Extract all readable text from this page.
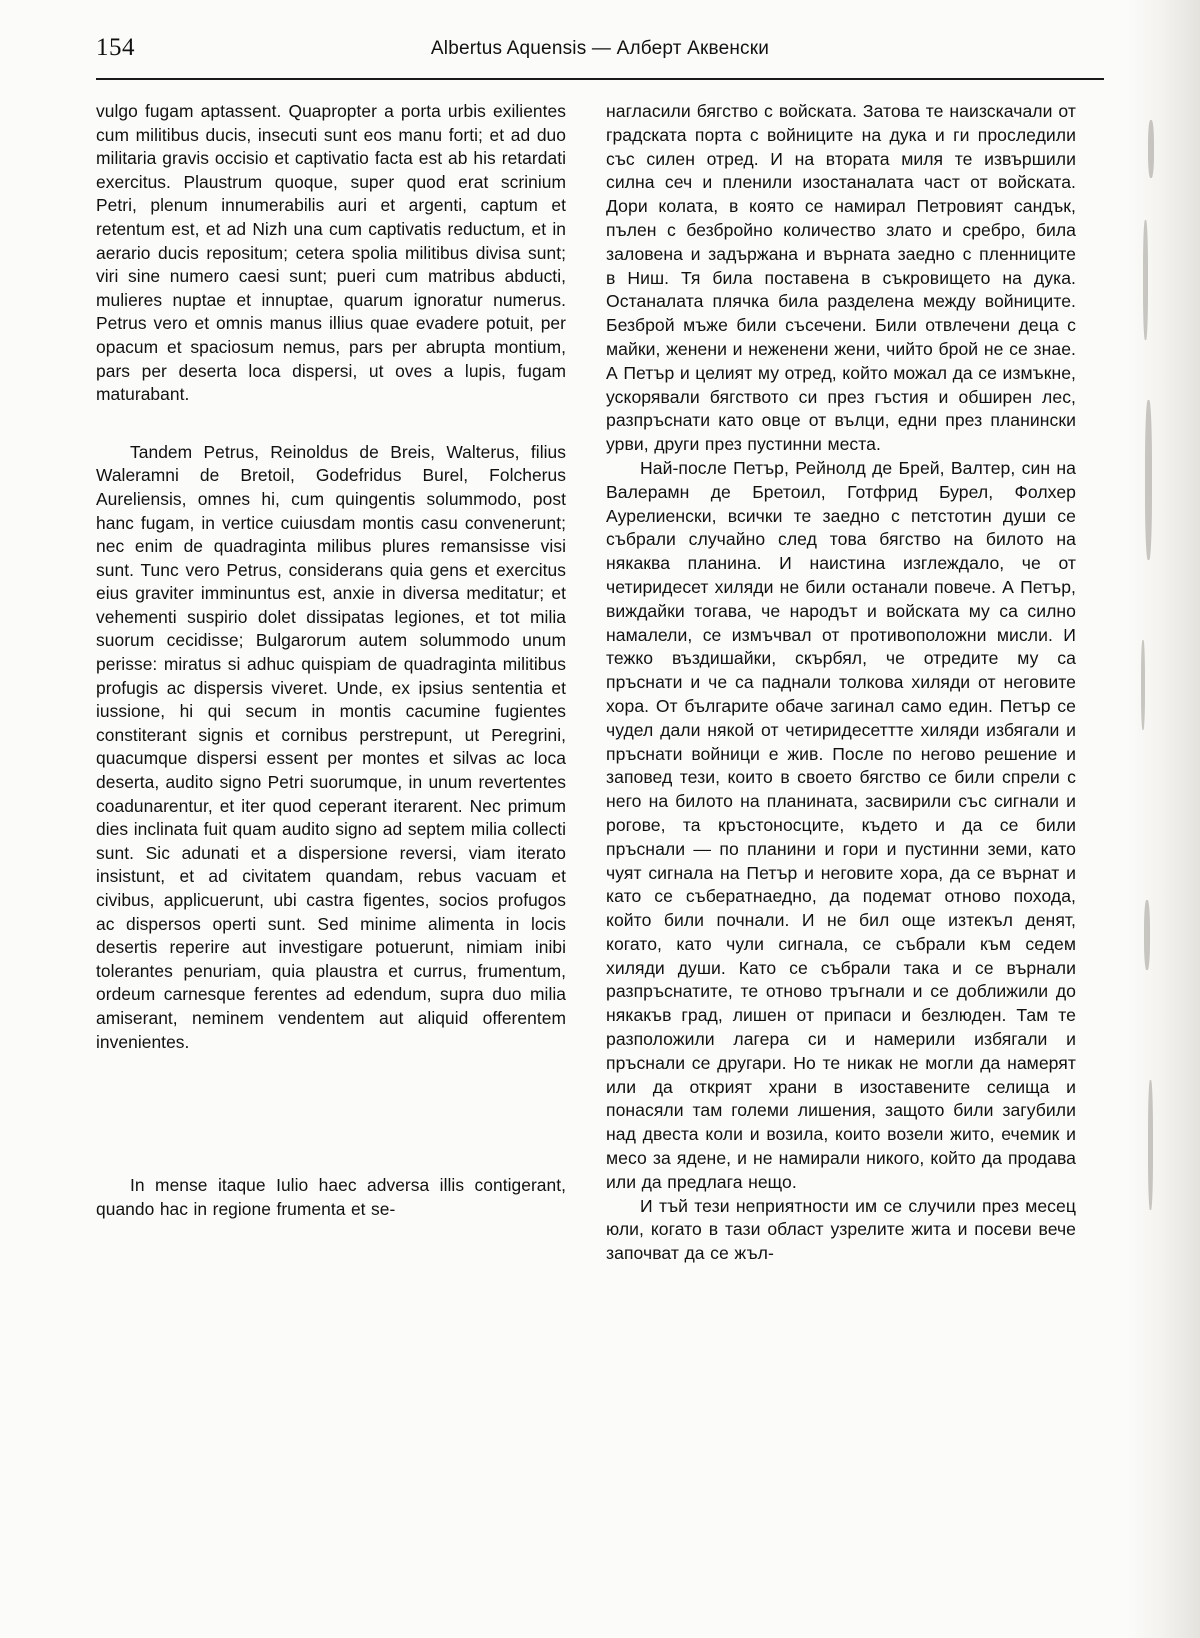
154	Albertus Aquensis — Алберт Аквенски

vulgo fugam aptassent. Quapropter a porta urbis exilientes cum militibus ducis, insecuti sunt eos manu forti; et ad duo militaria gravis occisio et captivatio facta est ab his retardati exercitus. Plaustrum quoque, super quod erat scrinium Petri, plenum innumerabilis auri et argenti, captum et retentum est, et ad Nizh una cum captivatis reductum, et in aerario ducis repositum; cetera spolia militibus divisa sunt; viri sine numero caesi sunt; pueri cum matribus abducti, mulieres nuptae et innuptae, quarum ignoratur numerus. Petrus vero et omnis manus illius quae evadere potuit, per opacum et spaciosum nemus, pars per abrupta montium, pars per deserta loca dispersi, ut oves a lupis, fugam maturabant.

Tandem Petrus, Reinoldus de Breis, Walterus, filius Waleramni de Bretoil, Godefridus Burel, Folcherus Aureliensis, omnes hi, cum quingentis solummodo, post hanc fugam, in vertice cuiusdam montis casu convenerunt; nec enim de quadraginta milibus plures remansisse visi sunt. Tunc vero Petrus, considerans quia gens et exercitus eius graviter imminuntus est, anxie in diversa meditatur; et vehementi suspirio dolet dissipatas legiones, et tot milia suorum cecidisse; Bulgarorum autem solummodo unum perisse: miratus si adhuc quispiam de quadraginta militibus profugis ac dispersis viveret. Unde, ex ipsius sententia et iussione, hi qui secum in montis cacumine fugientes constiterant signis et cornibus perstrepunt, ut Peregrini, quacumque dispersi essent per montes et silvas ac loca deserta, audito signo Petri suorumque, in unum revertentes coadunarentur, et iter quod ceperant iterarent. Nec primum dies inclinata fuit quam audito signo ad septem milia collecti sunt. Sic adunati et a dispersione reversi, viam iterato insistunt, et ad civitatem quandam, rebus vacuam et civibus, applicuerunt, ubi castra figentes, socios profugos ac dispersos operti sunt. Sed minime alimenta in locis desertis reperire aut investigare potuerunt, nimiam inibi tolerantes penuriam, quia plaustra et currus, frumentum, ordeum carnesque ferentes ad edendum, supra duo milia amiserant, neminem vendentem aut aliquid offerentem invenientes.

In mense itaque Iulio haec adversa illis contigerant, quando hac in regione frumenta et se-

нагласили бягство с войската. Затова те наизскачали от градската порта с войниците на дука и ги проследили със силен отред. И на втората миля те извършили силна сеч и пленили изостаналата част от войската. Дори колата, в която се намирал Петровият сандък, пълен с безбройно количество злато и сребро, била заловена и задържана и върната заедно с пленниците в Ниш. Тя била поставена в съкровището на дука. Останалата плячка била разделена между войниците. Безброй мъже били съсечени. Били отвлечени деца с майки, женени и неженени жени, чийто брой не се знае. А Петър и целият му отред, който можал да се измъкне, ускорявали бягството си през гъстия и обширен лес, разпръснати като овце от вълци, едни през планински урви, други през пустинни места.

Най-после Петър, Рейнолд де Брей, Валтер, син на Валерамн де Бретоил, Готфрид Бурел, Фолхер Аурелиенски, всички те заедно с петстотин души се събрали случайно след това бягство на билото на някаква планина. И наистина изглеждало, че от четиридесет хиляди не били останали повече. А Петър, виждайки тогава, че народът и войската му са силно намалели, се измъчвал от противоположни мисли. И тежко въздишайки, скърбял, че отредите му са пръснати и че са паднали толкова хиляди от неговите хора. От българите обаче загинал само един. Петър се чудел дали някой от четиридесеттте хиляди избягали и пръснати войници е жив. После по негово решение и заповед тези, които в своето бягство се били спрели с него на билото на планината, засвирили със сигнали и рогове, та кръстоносците, където и да се били пръснали — по планини и гори и пустинни земи, като чуят сигнала на Петър и неговите хора, да се върнат и като се събератнаедно, да подемат отново похода, който били почнали. И не бил още изтекъл денят, когато, като чули сигнала, се събрали към седем хиляди души. Като се събрали така и се върнали разпръснатите, те отново тръгнали и се доближили до някакъв град, лишен от припаси и безлюден. Там те разположили лагера си и намерили избягали и пръснали се другари. Но те никак не могли да намерят или да открият храни в изоставените селища и понасяли там големи лишения, защото били загубили над двеста коли и возила, които возели жито, ечемик и месо за ядене, и не намирали никого, който да продава или да предлага нещо.

И тъй тези неприятности им се случили през месец юли, когато в тази област узрелите жита и посеви вече започват да се жъл-
